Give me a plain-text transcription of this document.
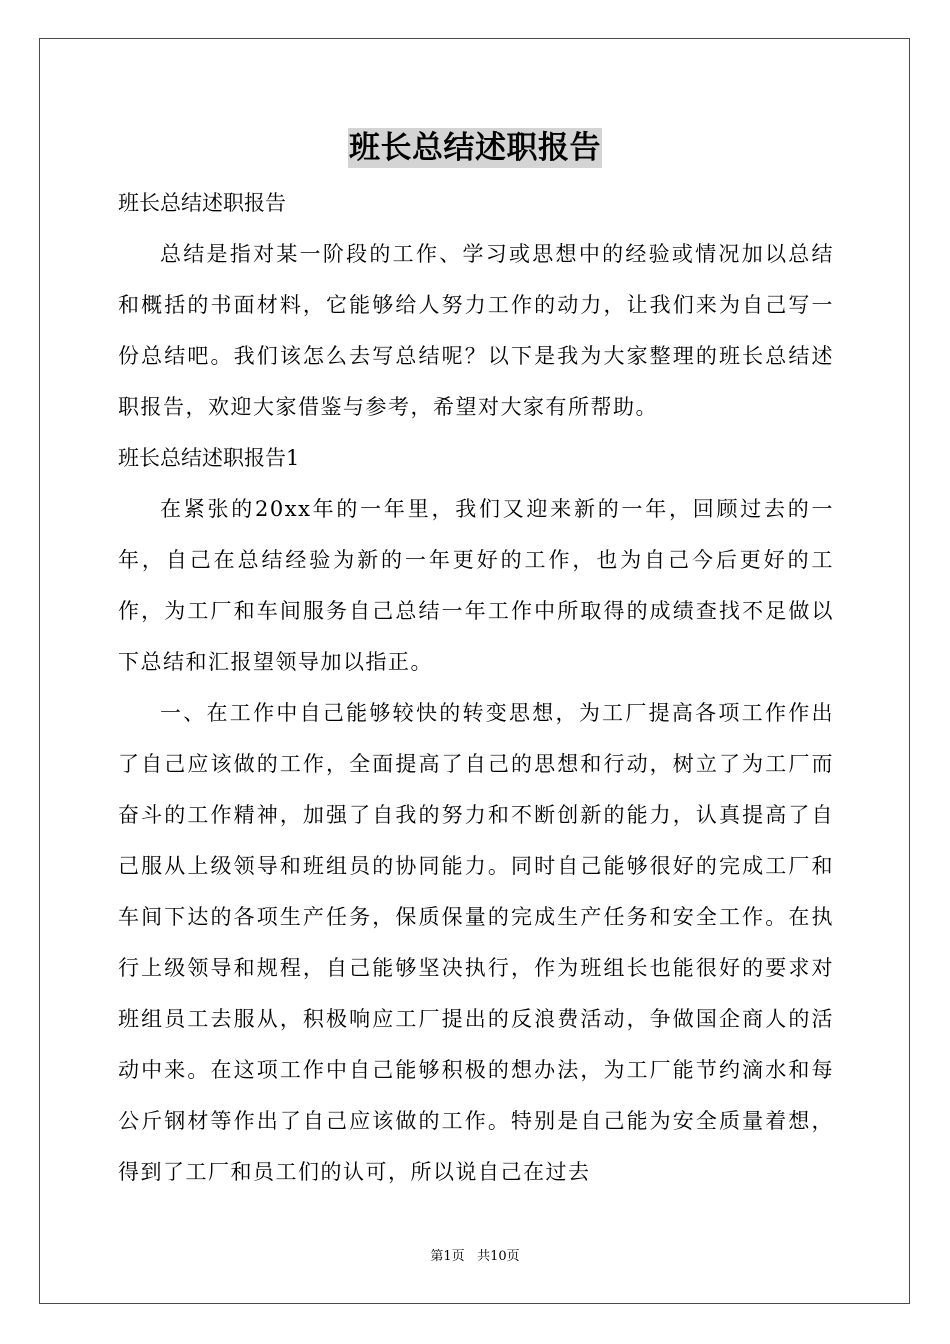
班长总结述职报告

班长总结述职报告

总结是指对某一阶段的工作、学习或思想中的经验或情况加以总结和概括的书面材料，它能够给人努力工作的动力，让我们来为自己写一份总结吧。我们该怎么去写总结呢？以下是我为大家整理的班长总结述职报告，欢迎大家借鉴与参考，希望对大家有所帮助。

班长总结述职报告1

在紧张的20xx年的一年里，我们又迎来新的一年，回顾过去的一年，自己在总结经验为新的一年更好的工作，也为自己今后更好的工作，为工厂和车间服务自己总结一年工作中所取得的成绩查找不足做以下总结和汇报望领导加以指正。

一、在工作中自己能够较快的转变思想，为工厂提高各项工作作出了自己应该做的工作，全面提高了自己的思想和行动，树立了为工厂而奋斗的工作精神，加强了自我的努力和不断创新的能力，认真提高了自己服从上级领导和班组员的协同能力。同时自己能够很好的完成工厂和车间下达的各项生产任务，保质保量的完成生产任务和安全工作。在执行上级领导和规程，自己能够坚决执行，作为班组长也能很好的要求对班组员工去服从，积极响应工厂提出的反浪费活动，争做国企商人的活动中来。在这项工作中自己能够积极的想办法，为工厂能节约滴水和每公斤钢材等作出了自己应该做的工作。特别是自己能为安全质量着想，得到了工厂和员工们的认可，所以说自己在过去

第1页 共10页
